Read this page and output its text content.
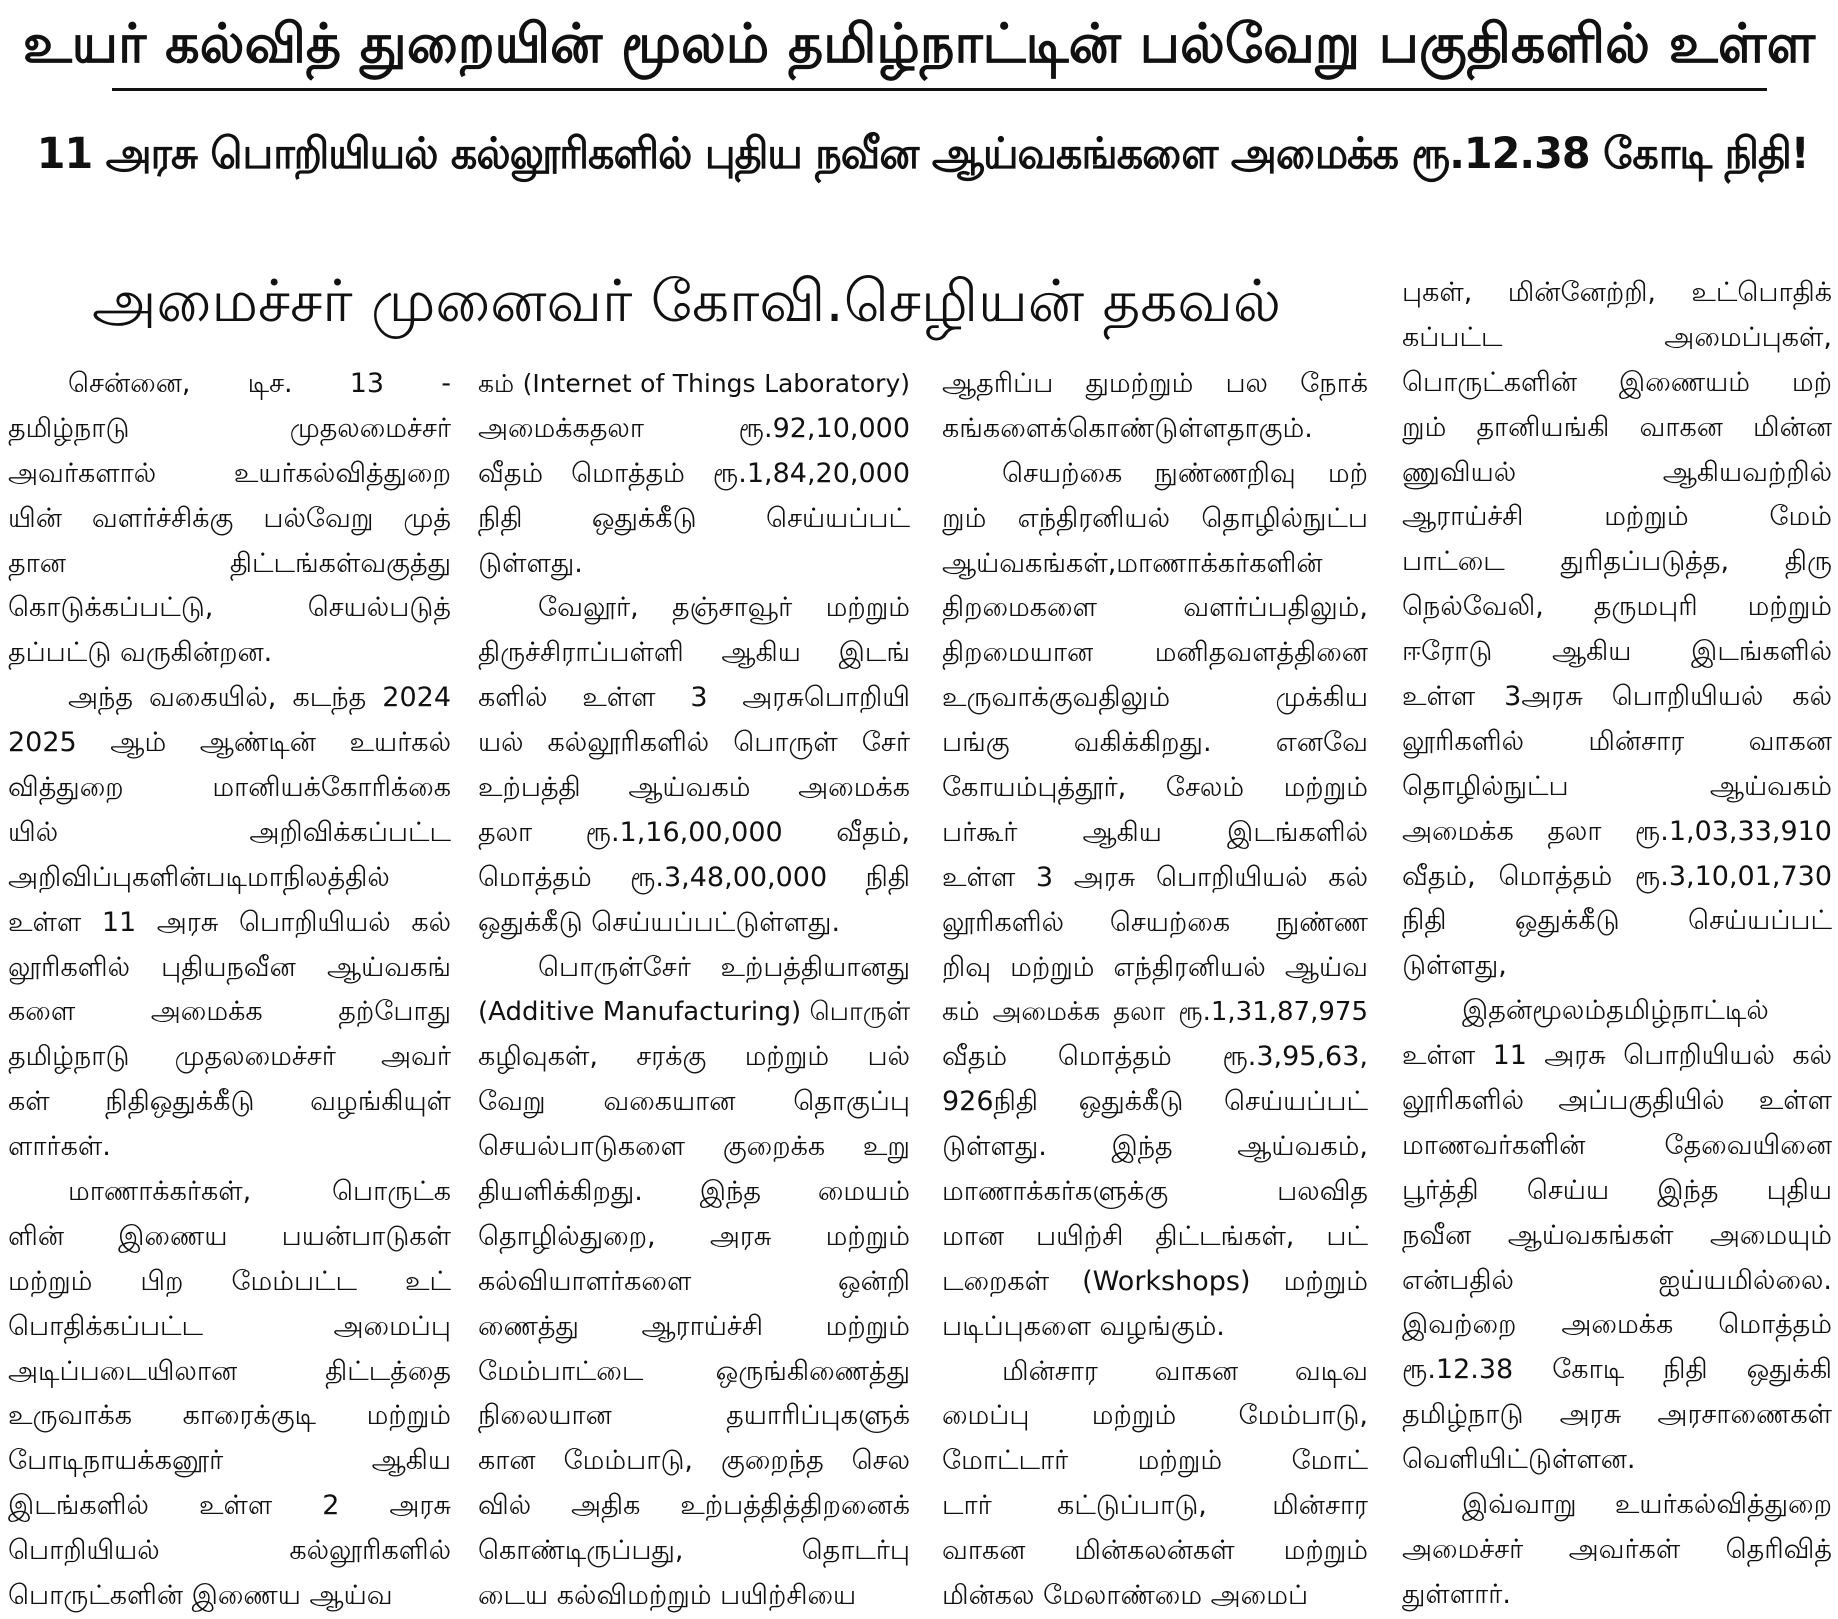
உயர் கல்வித் துறையின் மூலம் தமிழ்நாட்டின் பல்வேறு பகுதிகளில் உள்ள
11 அரசு பொறியியல் கல்லூரிகளில் புதிய நவீன ஆய்வகங்களை அமைக்க ரூ.12.38 கோடி நிதி!
அமைச்சர் முனைவர் கோவி.செழியன் தகவல்
சென்னை, டிச. 13 -
தமிழ்நாடு முதலமைச்சர்
அவர்களால் உயர்கல்வித்துறை
யின் வளர்ச்சிக்கு பல்வேறு முத்
தான திட்டங்கள்வகுத்து
கொடுக்கப்பட்டு, செயல்படுத்
தப்பட்டு வருகின்றன.
அந்த வகையில், கடந்த 2024
2025 ஆம் ஆண்டின் உயர்கல்
வித்துறை மானியக்கோரிக்கை
யில் அறிவிக்கப்பட்ட
அறிவிப்புகளின்படிமாநிலத்தில்
உள்ள 11 அரசு பொறியியல் கல்
லூரிகளில் புதியநவீன ஆய்வகங்
களை அமைக்க தற்போது
தமிழ்நாடு முதலமைச்சர் அவர்
கள் நிதிஒதுக்கீடு வழங்கியுள்
ளார்கள்.
மாணாக்கர்கள், பொருட்க
ளின் இணைய பயன்பாடுகள்
மற்றும் பிற மேம்பட்ட உட்
பொதிக்கப்பட்ட அமைப்பு
அடிப்படையிலான திட்டத்தை
உருவாக்க காரைக்குடி மற்றும்
போடிநாயக்கனூர் ஆகிய
இடங்களில் உள்ள 2 அரசு
பொறியியல் கல்லூரிகளில்
பொருட்களின் இணைய ஆய்வ
கம் (Internet of Things Laboratory)
அமைக்கதலா ரூ.92,10,000
வீதம் மொத்தம் ரூ.1,84,20,000
நிதி ஒதுக்கீடு செய்யப்பட்
டுள்ளது.
வேலூர், தஞ்சாவூர் மற்றும்
திருச்சிராப்பள்ளி ஆகிய இடங்
களில் உள்ள 3 அரசுபொறியி
யல் கல்லூரிகளில் பொருள் சேர்
உற்பத்தி ஆய்வகம் அமைக்க
தலா ரூ.1,16,00,000 வீதம்,
மொத்தம் ரூ.3,48,00,000 நிதி
ஒதுக்கீடு செய்யப்பட்டுள்ளது.
பொருள்சேர் உற்பத்தியானது
(Additive Manufacturing) பொருள்
கழிவுகள், சரக்கு மற்றும் பல்
வேறு வகையான தொகுப்பு
செயல்பாடுகளை குறைக்க உறு
தியளிக்கிறது. இந்த மையம்
தொழில்துறை, அரசு மற்றும்
கல்வியாளர்களை ஒன்றி
ணைத்து ஆராய்ச்சி மற்றும்
மேம்பாட்டை ஒருங்கிணைத்து
நிலையான தயாரிப்புகளுக்
கான மேம்பாடு, குறைந்த செல
வில் அதிக உற்பத்தித்திறனைக்
கொண்டிருப்பது, தொடர்பு
டைய கல்விமற்றும் பயிற்சியை
ஆதரிப்ப துமற்றும் பல நோக்
கங்களைக்கொண்டுள்ளதாகும்.
செயற்கை நுண்ணறிவு மற்
றும் எந்திரனியல் தொழில்நுட்ப
ஆய்வகங்கள்,மாணாக்கர்களின்
திறமைகளை வளர்ப்பதிலும்,
திறமையான மனிதவளத்தினை
உருவாக்குவதிலும் முக்கிய
பங்கு வகிக்கிறது. எனவே
கோயம்புத்தூர், சேலம் மற்றும்
பர்கூர் ஆகிய இடங்களில்
உள்ள 3 அரசு பொறியியல் கல்
லூரிகளில் செயற்கை நுண்ண
றிவு மற்றும் எந்திரனியல் ஆய்வ
கம் அமைக்க தலா ரூ.1,31,87,975
வீதம் மொத்தம் ரூ.3,95,63,
926நிதி ஒதுக்கீடு செய்யப்பட்
டுள்ளது. இந்த ஆய்வகம்,
மாணாக்கர்களுக்கு பலவித
மான பயிற்சி திட்டங்கள், பட்
டறைகள் (Workshops) மற்றும்
படிப்புகளை வழங்கும்.
மின்சார வாகன வடிவ
மைப்பு மற்றும் மேம்பாடு,
மோட்டார் மற்றும் மோட்
டார் கட்டுப்பாடு, மின்சார
வாகன மின்கலன்கள் மற்றும்
மின்கல மேலாண்மை அமைப்
புகள், மின்னேற்றி, உட்பொதிக்
கப்பட்ட அமைப்புகள்,
பொருட்களின் இணையம் மற்
றும் தானியங்கி வாகன மின்ன
ணுவியல் ஆகியவற்றில்
ஆராய்ச்சி மற்றும் மேம்
பாட்டை துரிதப்படுத்த, திரு
நெல்வேலி, தருமபுரி மற்றும்
ஈரோடு ஆகிய இடங்களில்
உள்ள 3அரசு பொறியியல் கல்
லூரிகளில் மின்சார வாகன
தொழில்நுட்ப ஆய்வகம்
அமைக்க தலா ரூ.1,03,33,910
வீதம், மொத்தம் ரூ.3,10,01,730
நிதி ஒதுக்கீடு செய்யப்பட்
டுள்ளது,
இதன்மூலம்தமிழ்நாட்டில்
உள்ள 11 அரசு பொறியியல் கல்
லூரிகளில் அப்பகுதியில் உள்ள
மாணவர்களின் தேவையினை
பூர்த்தி செய்ய இந்த புதிய
நவீன ஆய்வகங்கள் அமையும்
என்பதில் ஐய்யமில்லை.
இவற்றை அமைக்க மொத்தம்
ரூ.12.38 கோடி நிதி ஒதுக்கி
தமிழ்நாடு அரசு அரசாணைகள்
வெளியிட்டுள்ளன.
இவ்வாறு உயர்கல்வித்துறை
அமைச்சர் அவர்கள் தெரிவித்
துள்ளார்.
